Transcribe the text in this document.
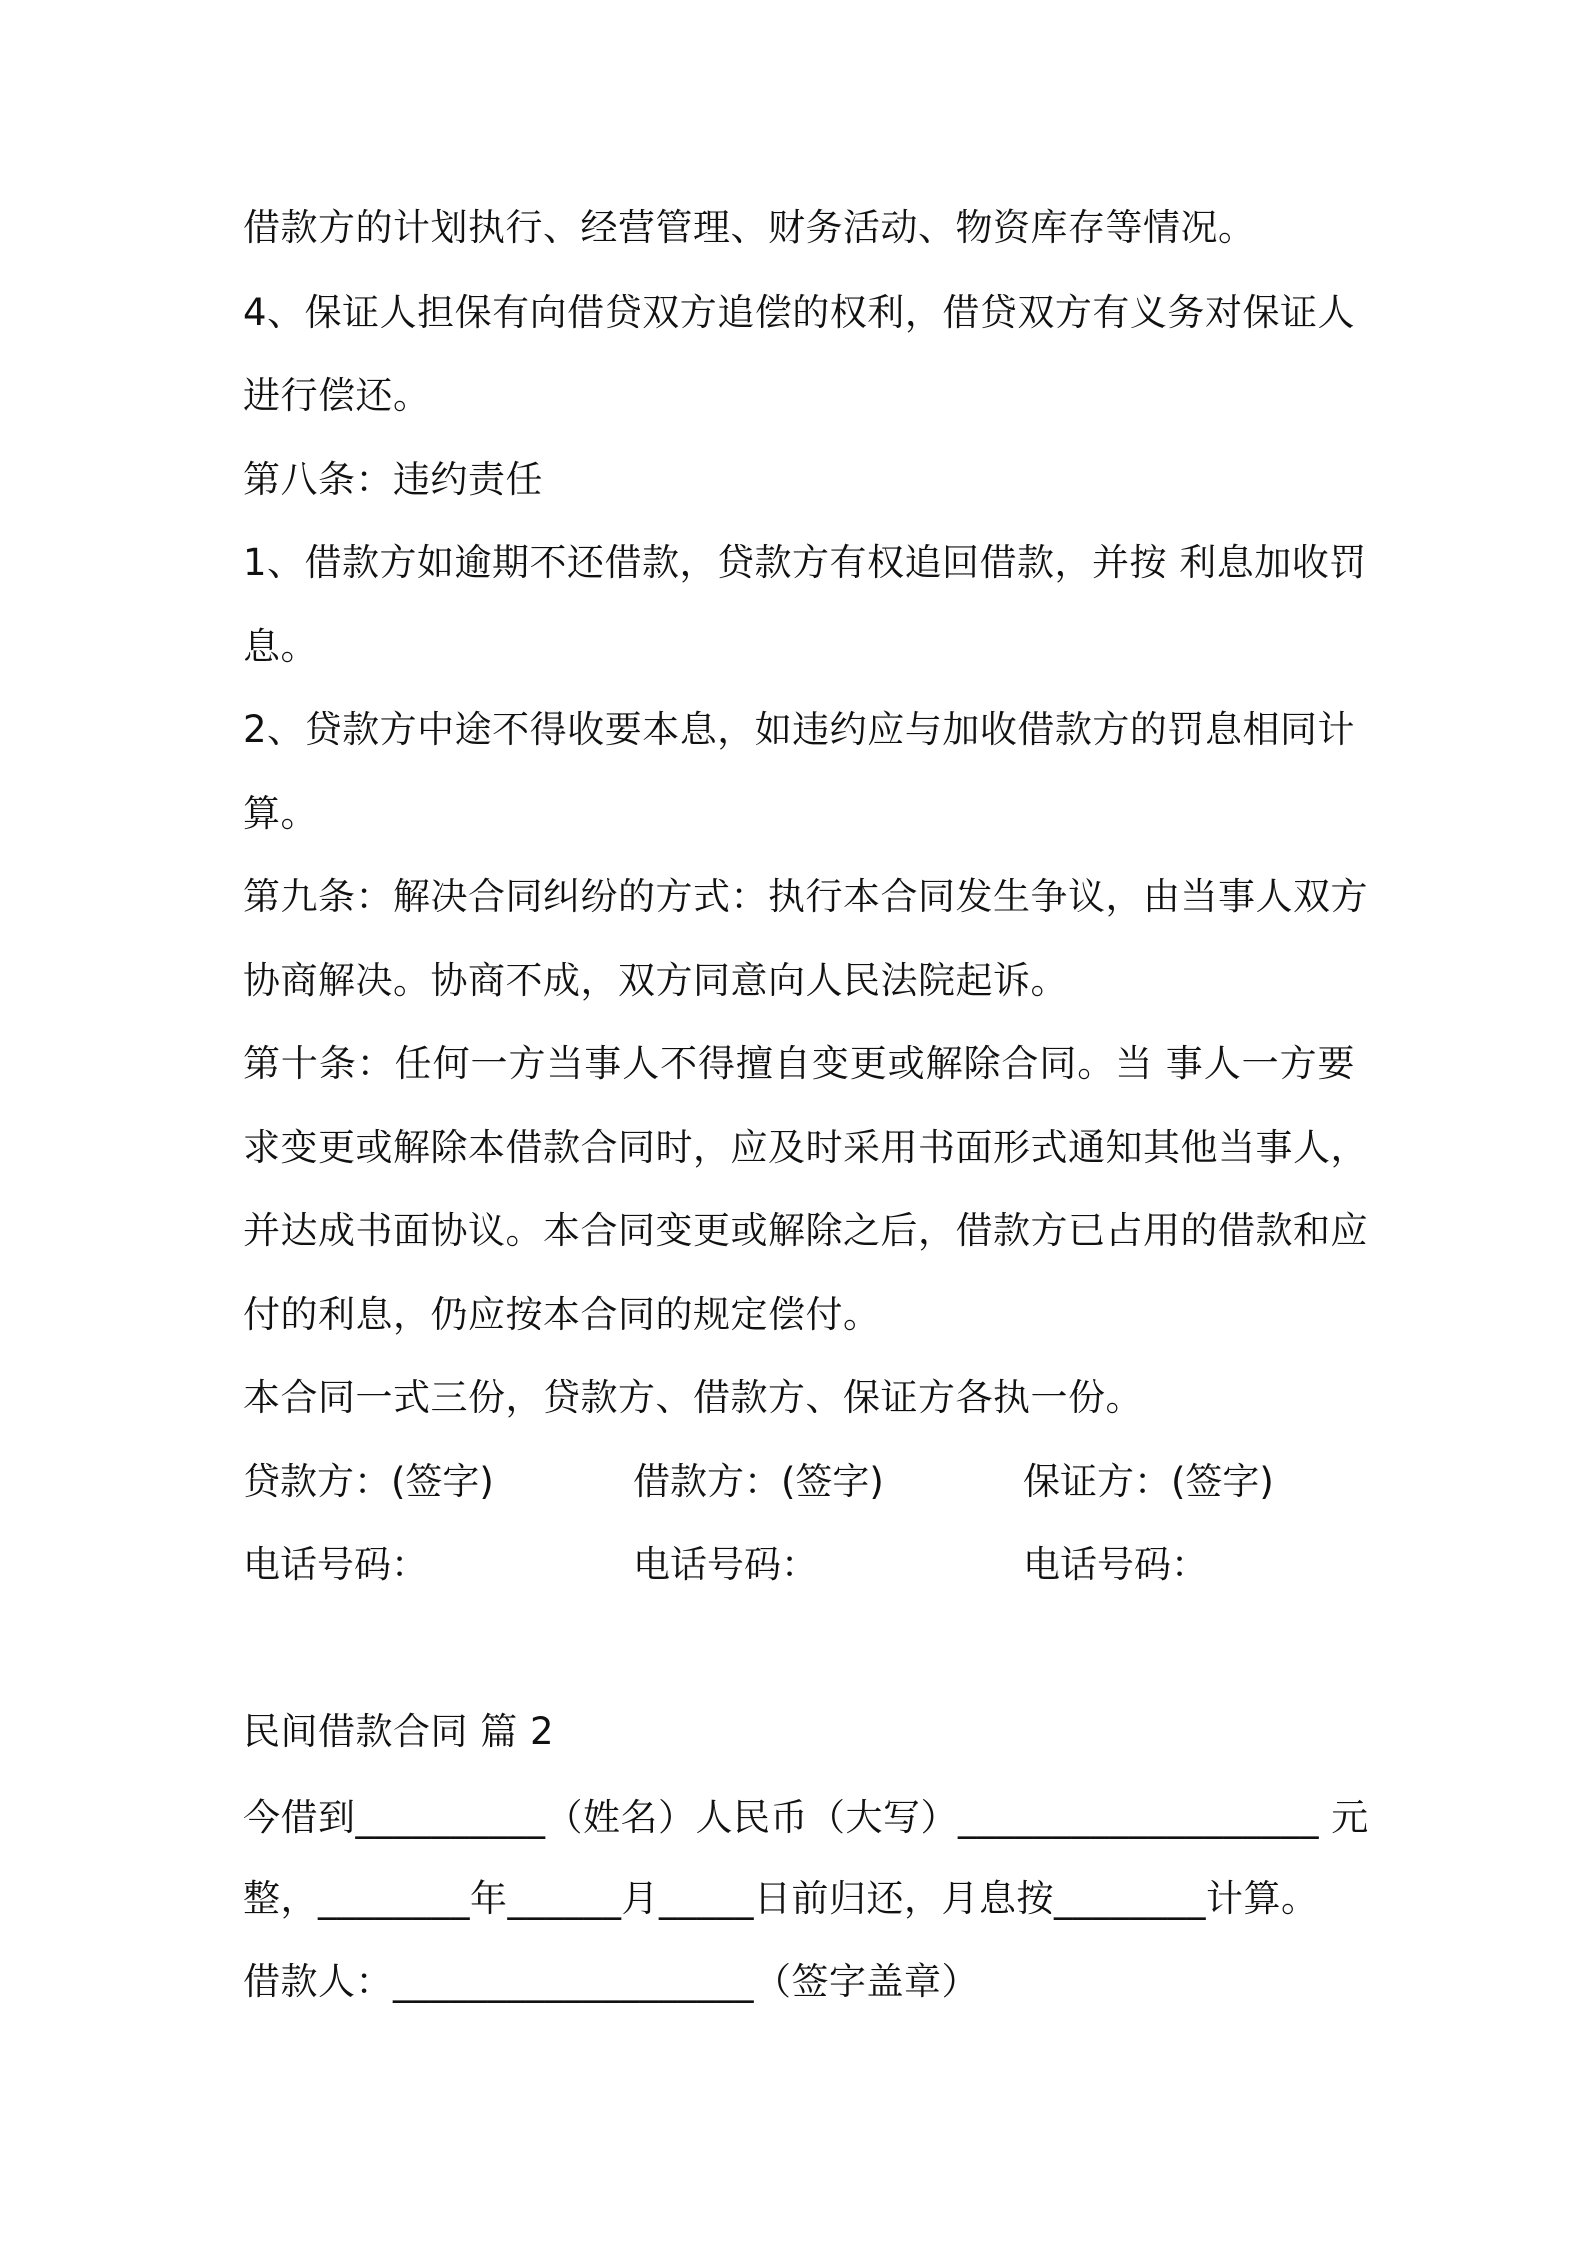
借款方的计划执行、经营管理、财务活动、物资库存等情况。
4、保证人担保有向借贷双方追偿的权利，借贷双方有义务对保证人
进行偿还。
第八条：违约责任
1、借款方如逾期不还借款，贷款方有权追回借款，并按 利息加收罚
息。
2、贷款方中途不得收要本息，如违约应与加收借款方的罚息相同计
算。
第九条：解决合同纠纷的方式：执行本合同发生争议，由当事人双方
协商解决。协商不成，双方同意向人民法院起诉。
第十条：任何一方当事人不得擅自变更或解除合同。当 事人一方要
求变更或解除本借款合同时，应及时采用书面形式通知其他当事人，
并达成书面协议。本合同变更或解除之后，借款方已占用的借款和应
付的利息，仍应按本合同的规定偿付。
本合同一式三份，贷款方、借款方、保证方各执一份。
贷款方：(签字)	借款方：(签字)	保证方：(签字)
电话号码：	电话号码：	电话号码：
民间借款合同 篇 2
今借到__________（姓名）人民币（大写）___________________ 元
整，________年______月_____日前归还，月息按________计算。
借款人：___________________（签字盖章）
